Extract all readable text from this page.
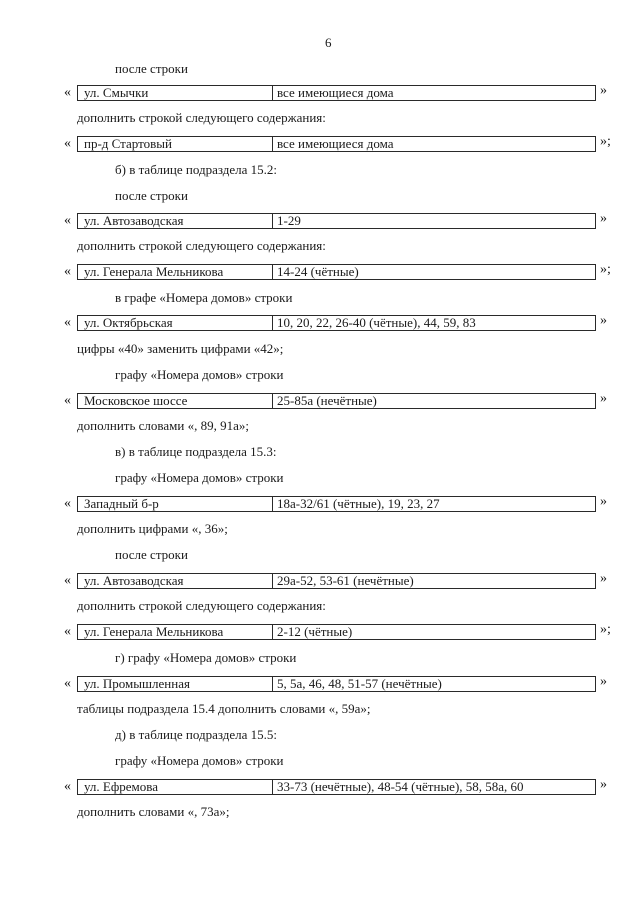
6
после строки
«	ул. Смычки	все имеющиеся дома	»
дополнить строкой следующего содержания:
«	пр-д Стартовый	все имеющиеся дома	»;
б) в таблице подраздела 15.2:
после строки
«	ул. Автозаводская	1-29	»
дополнить строкой следующего содержания:
«	ул. Генерала Мельникова	14-24 (чётные)	»;
в графе «Номера домов» строки
«	ул. Октябрьская	10, 20, 22, 26-40 (чётные), 44, 59, 83	»
цифры «40» заменить цифрами «42»;
графу «Номера домов» строки
«	Московское шоссе	25-85а (нечётные)	»
дополнить словами «, 89, 91а»;
в) в таблице подраздела 15.3:
графу «Номера домов» строки
«	Западный б-р	18а-32/61 (чётные), 19, 23, 27	»
дополнить цифрами «, 36»;
после строки
«	ул. Автозаводская	29а-52, 53-61 (нечётные)	»
дополнить строкой следующего содержания:
«	ул. Генерала Мельникова	2-12 (чётные)	»;
г) графу «Номера домов» строки
«	ул. Промышленная	5, 5а, 46, 48, 51-57 (нечётные)	»
таблицы подраздела 15.4 дополнить словами «, 59а»;
д) в таблице подраздела 15.5:
графу «Номера домов» строки
«	ул. Ефремова	33-73 (нечётные), 48-54 (чётные), 58, 58а, 60	»
дополнить словами «, 73а»;
